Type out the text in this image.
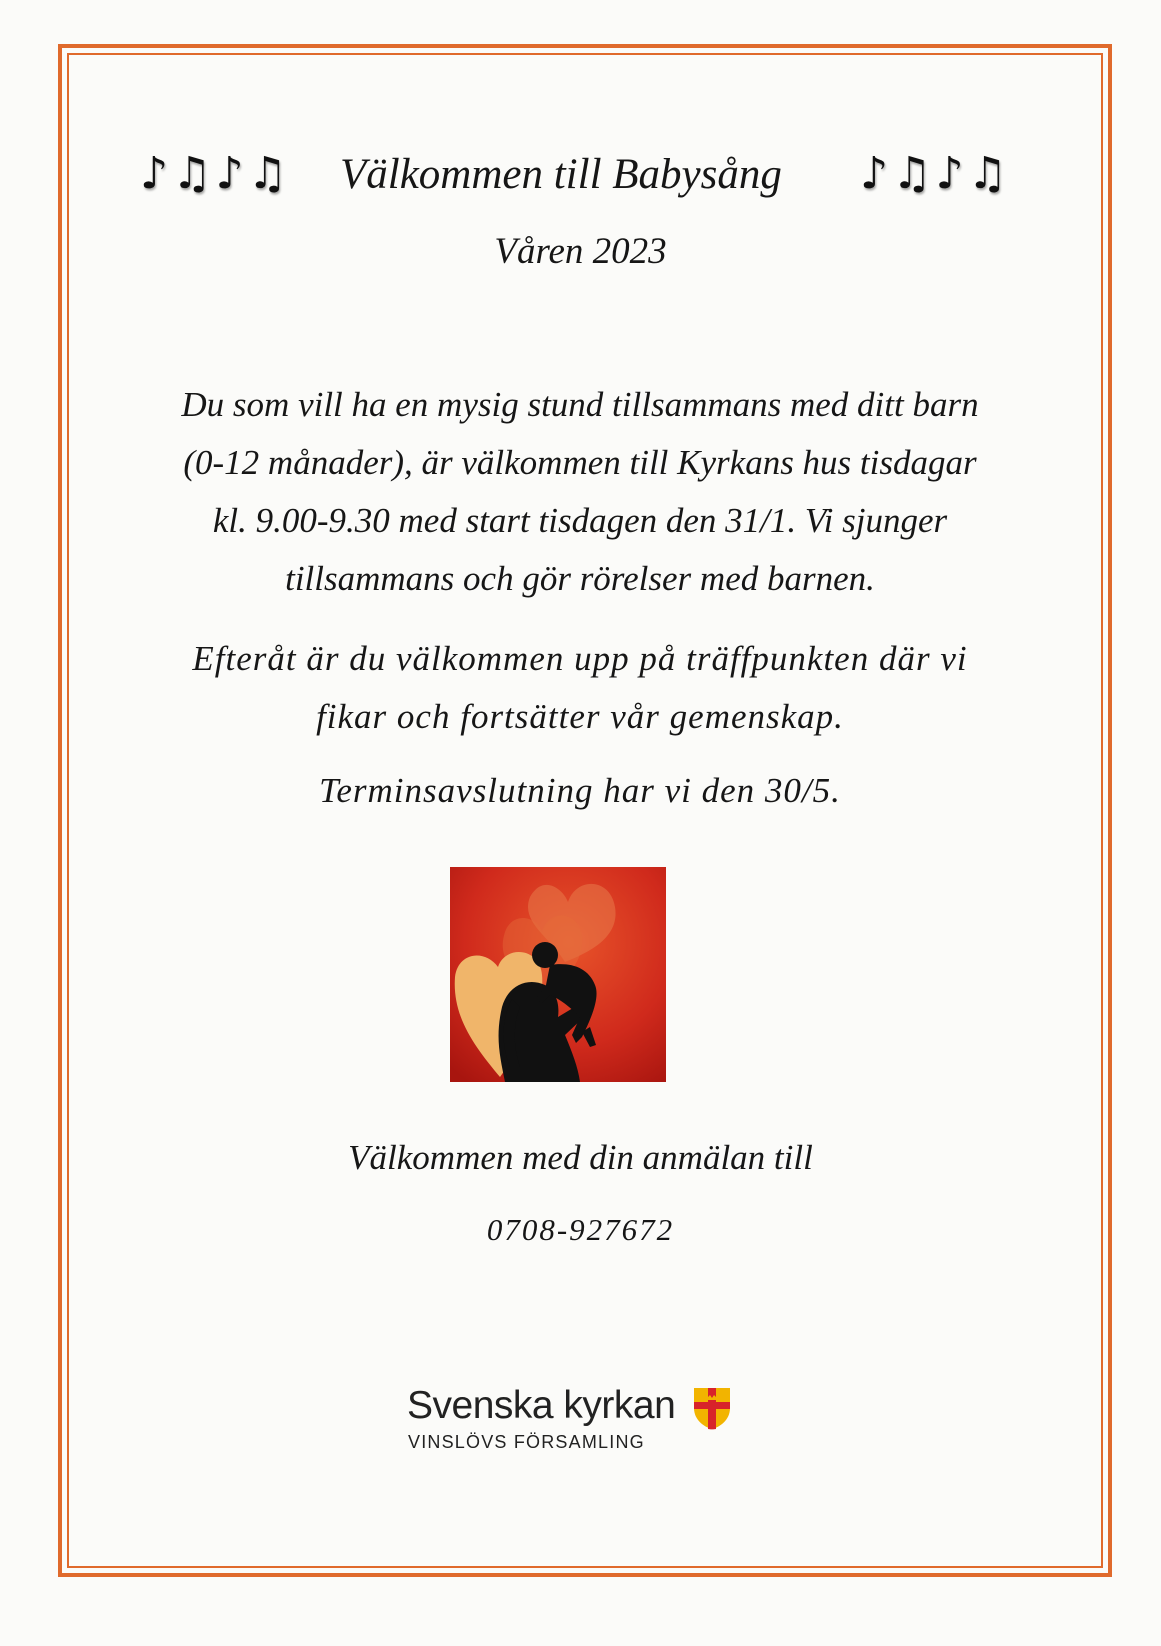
♪♫♪♫ Välkommen till Babysång	♪♫♪♫
Våren 2023
Du som vill ha en mysig stund tillsammans med ditt barn
(0-12 månader), är välkommen till Kyrkans hus tisdagar
kl. 9.00-9.30 med start tisdagen den 31/1. Vi sjunger
tillsammans och gör rörelser med barnen.
Efteråt är du välkommen upp på träffpunkten där vi
fikar och fortsätter vår gemenskap.
Terminsavslutning har vi den 30/5.
Välkommen med din anmälan till
0708-927672
Svenska kyrkan
VINSLÖVS FÖRSAMLING
